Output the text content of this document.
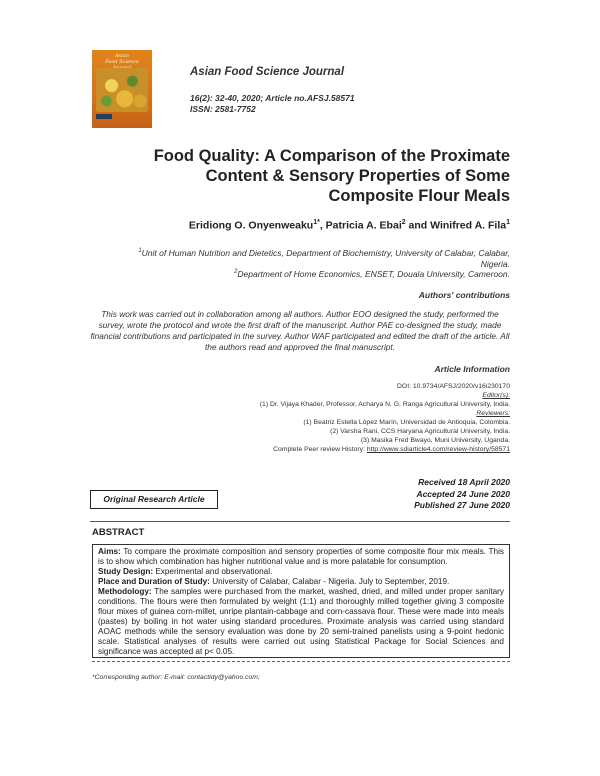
Asian
Food Science
Asian Food Science Journal
16(2): 32-40, 2020; Article no.AFSJ.58571
ISSN: 2581-7752
Food Quality: A Comparison of the Proximate Content & Sensory Properties of Some Composite Flour Meals
Eridiong O. Onyenweaku$^{1*}$, Patricia A. Ebai$^2$ and Winifred A. Fila$^1$
$^1$Unit of Human Nutrition and Dietetics, Department of Biochemistry, University of Calabar, Calabar,
Nigeria.
$^2$Department of Home Economics, ENSET, Douala University, Cameroon.
Authors' contributions
This work was carried out in collaboration among all authors. Author EOO designed the study, performed the survey, wrote the protocol and wrote the first draft of the manuscript. Author PAE co-designed the study, made financial contributions and participated in the survey. Author WAF participated and edited the draft of the article. All the authors read and approved the final manuscript.
Article Information
DOI: 10.9734/AFSJ/2020/v16i230170
Editor(s):
(1) Dr. Vijaya Khader, Professor, Acharya N. G. Ranga Agricultural University, India.
Reviewers:
(1) Beatriz Estella López Marín, Universidad de Antioquia, Colombia.
(2) Varsha Rani, CCS Haryana Agricultural University, India.
(3) Masika Fred Bwayo, Muni University, Uganda.
Complete Peer review History: http://www.sdiarticle4.com/review-history/58571
Received 18 April 2020
Accepted 24 June 2020
Published 27 June 2020
Original Research Article
ABSTRACT
Aims: To compare the proximate composition and sensory properties of some composite flour mix meals. This is to show which combination has higher nutritional value and is more palatable for consumption.
Study Design: Experimental and observational.
Place and Duration of Study: University of Calabar, Calabar - Nigeria. July to September, 2019.
Methodology: The samples were purchased from the market, washed, dried, and milled under proper sanitary conditions. The flours were then formulated by weight (1:1) and thoroughly milled together giving 3 composite flour mixes of guinea corn-millet, unripe plantain-cabbage and corn-cassava flour. These were made into meals (pastes) by boiling in hot water using standard procedures. Proximate analysis was carried using standard AOAC methods while the sensory evaluation was done by 20 semi-trained panelists using a 9-point hedonic scale. Statistical analyses of results were carried out using Statistical Package for Social Sciences and significance was accepted at p< 0.05.
*Corresponding author: E-mail: contactidy@yahoo.com;
